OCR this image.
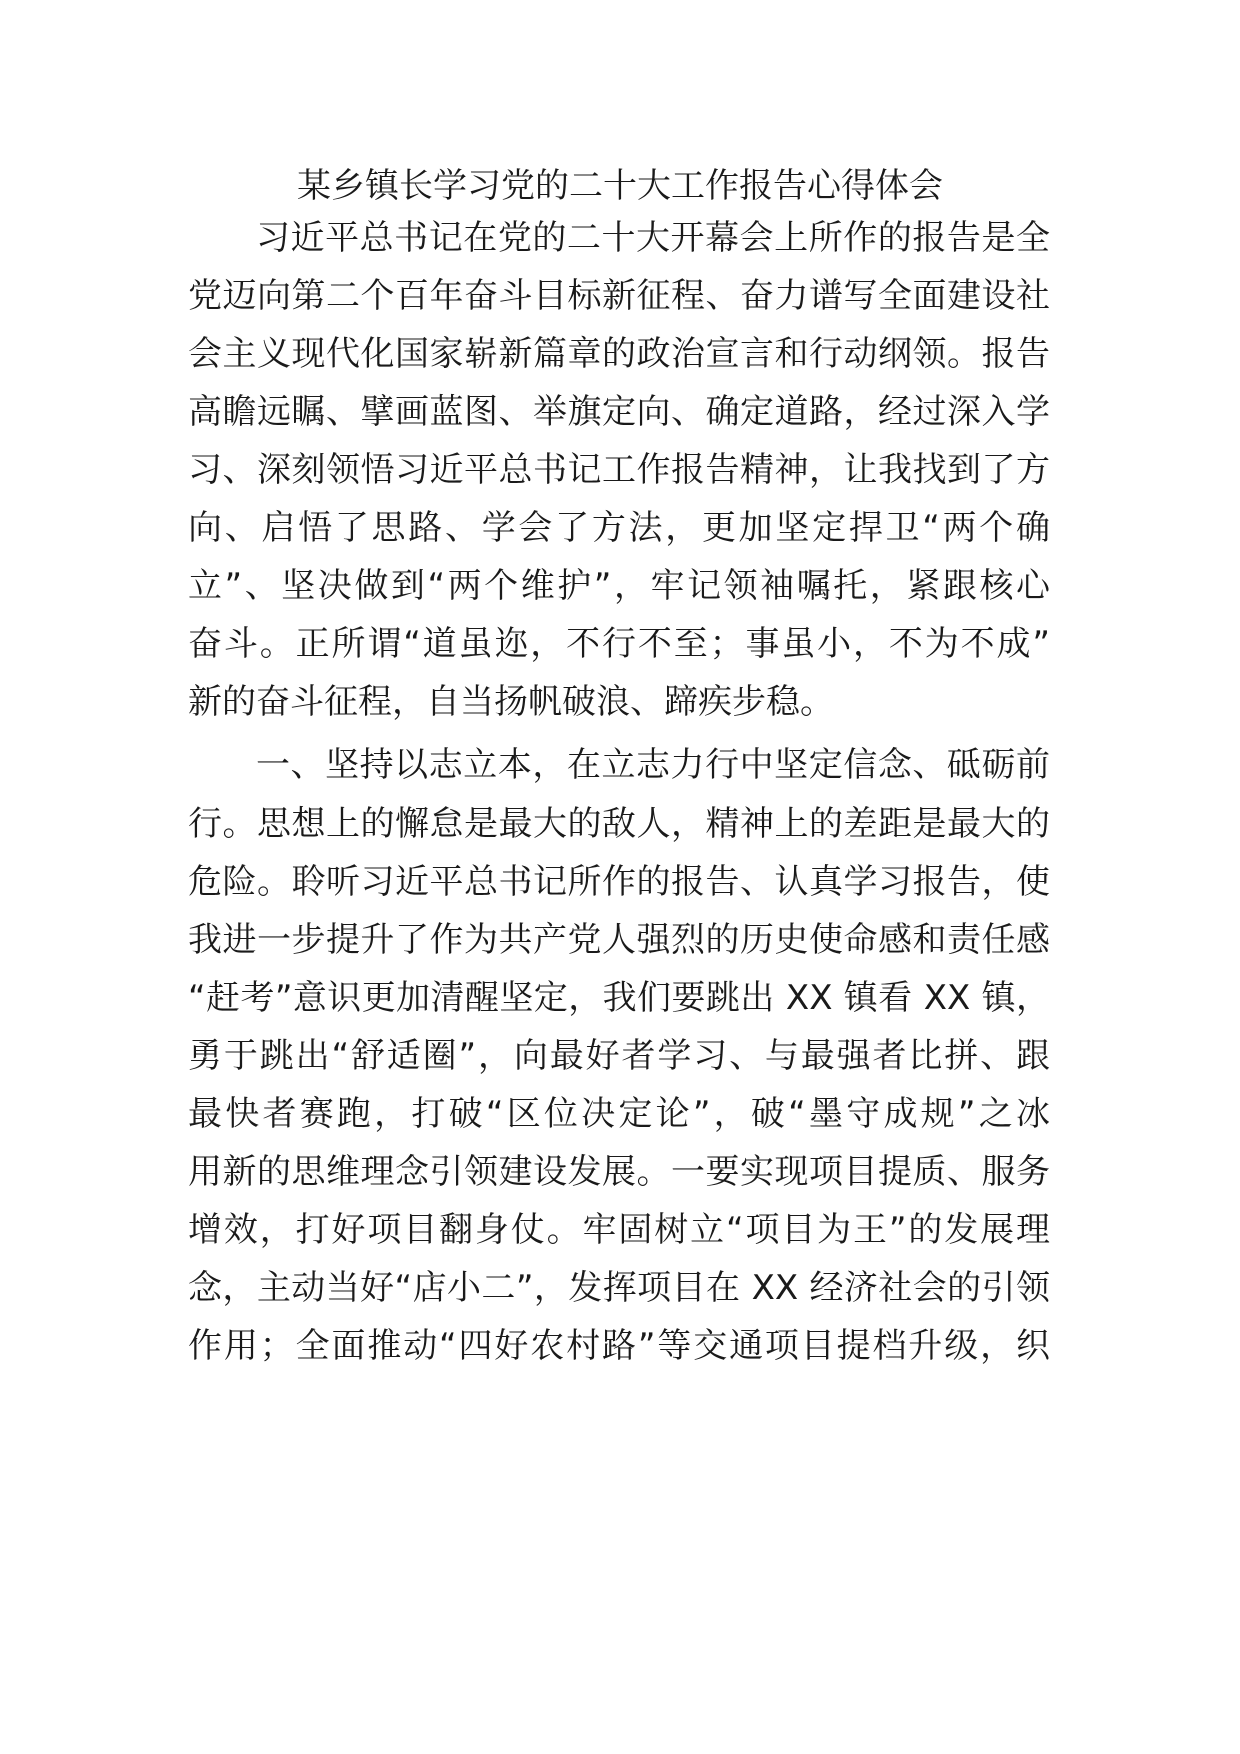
某乡镇长学习党的二十大工作报告心得体会
习近平总书记在党的二十大开幕会上所作的报告是全
党迈向第二个百年奋斗目标新征程、奋力谱写全面建设社
会主义现代化国家崭新篇章的政治宣言和行动纲领。报告
高瞻远瞩、擘画蓝图、举旗定向、确定道路，经过深入学
习、深刻领悟习近平总书记工作报告精神，让我找到了方
向、启悟了思路、学会了方法，更加坚定捍卫“两个确
立”、坚决做到“两个维护”，牢记领袖嘱托，紧跟核心
奋斗。正所谓“道虽迩，不行不至；事虽小，不为不成”
新的奋斗征程，自当扬帆破浪、蹄疾步稳。
一、坚持以志立本，在立志力行中坚定信念、砥砺前
行。思想上的懈怠是最大的敌人，精神上的差距是最大的
危险。聆听习近平总书记所作的报告、认真学习报告，使
我进一步提升了作为共产党人强烈的历史使命感和责任感
“赶考”意识更加清醒坚定，我们要跳出 XX 镇看 XX 镇，
勇于跳出“舒适圈”，向最好者学习、与最强者比拼、跟
最快者赛跑，打破“区位决定论”，破“墨守成规”之冰
用新的思维理念引领建设发展。一要实现项目提质、服务
增效，打好项目翻身仗。牢固树立“项目为王”的发展理
念，主动当好“店小二”，发挥项目在 XX 经济社会的引领
作用；全面推动“四好农村路”等交通项目提档升级，织
